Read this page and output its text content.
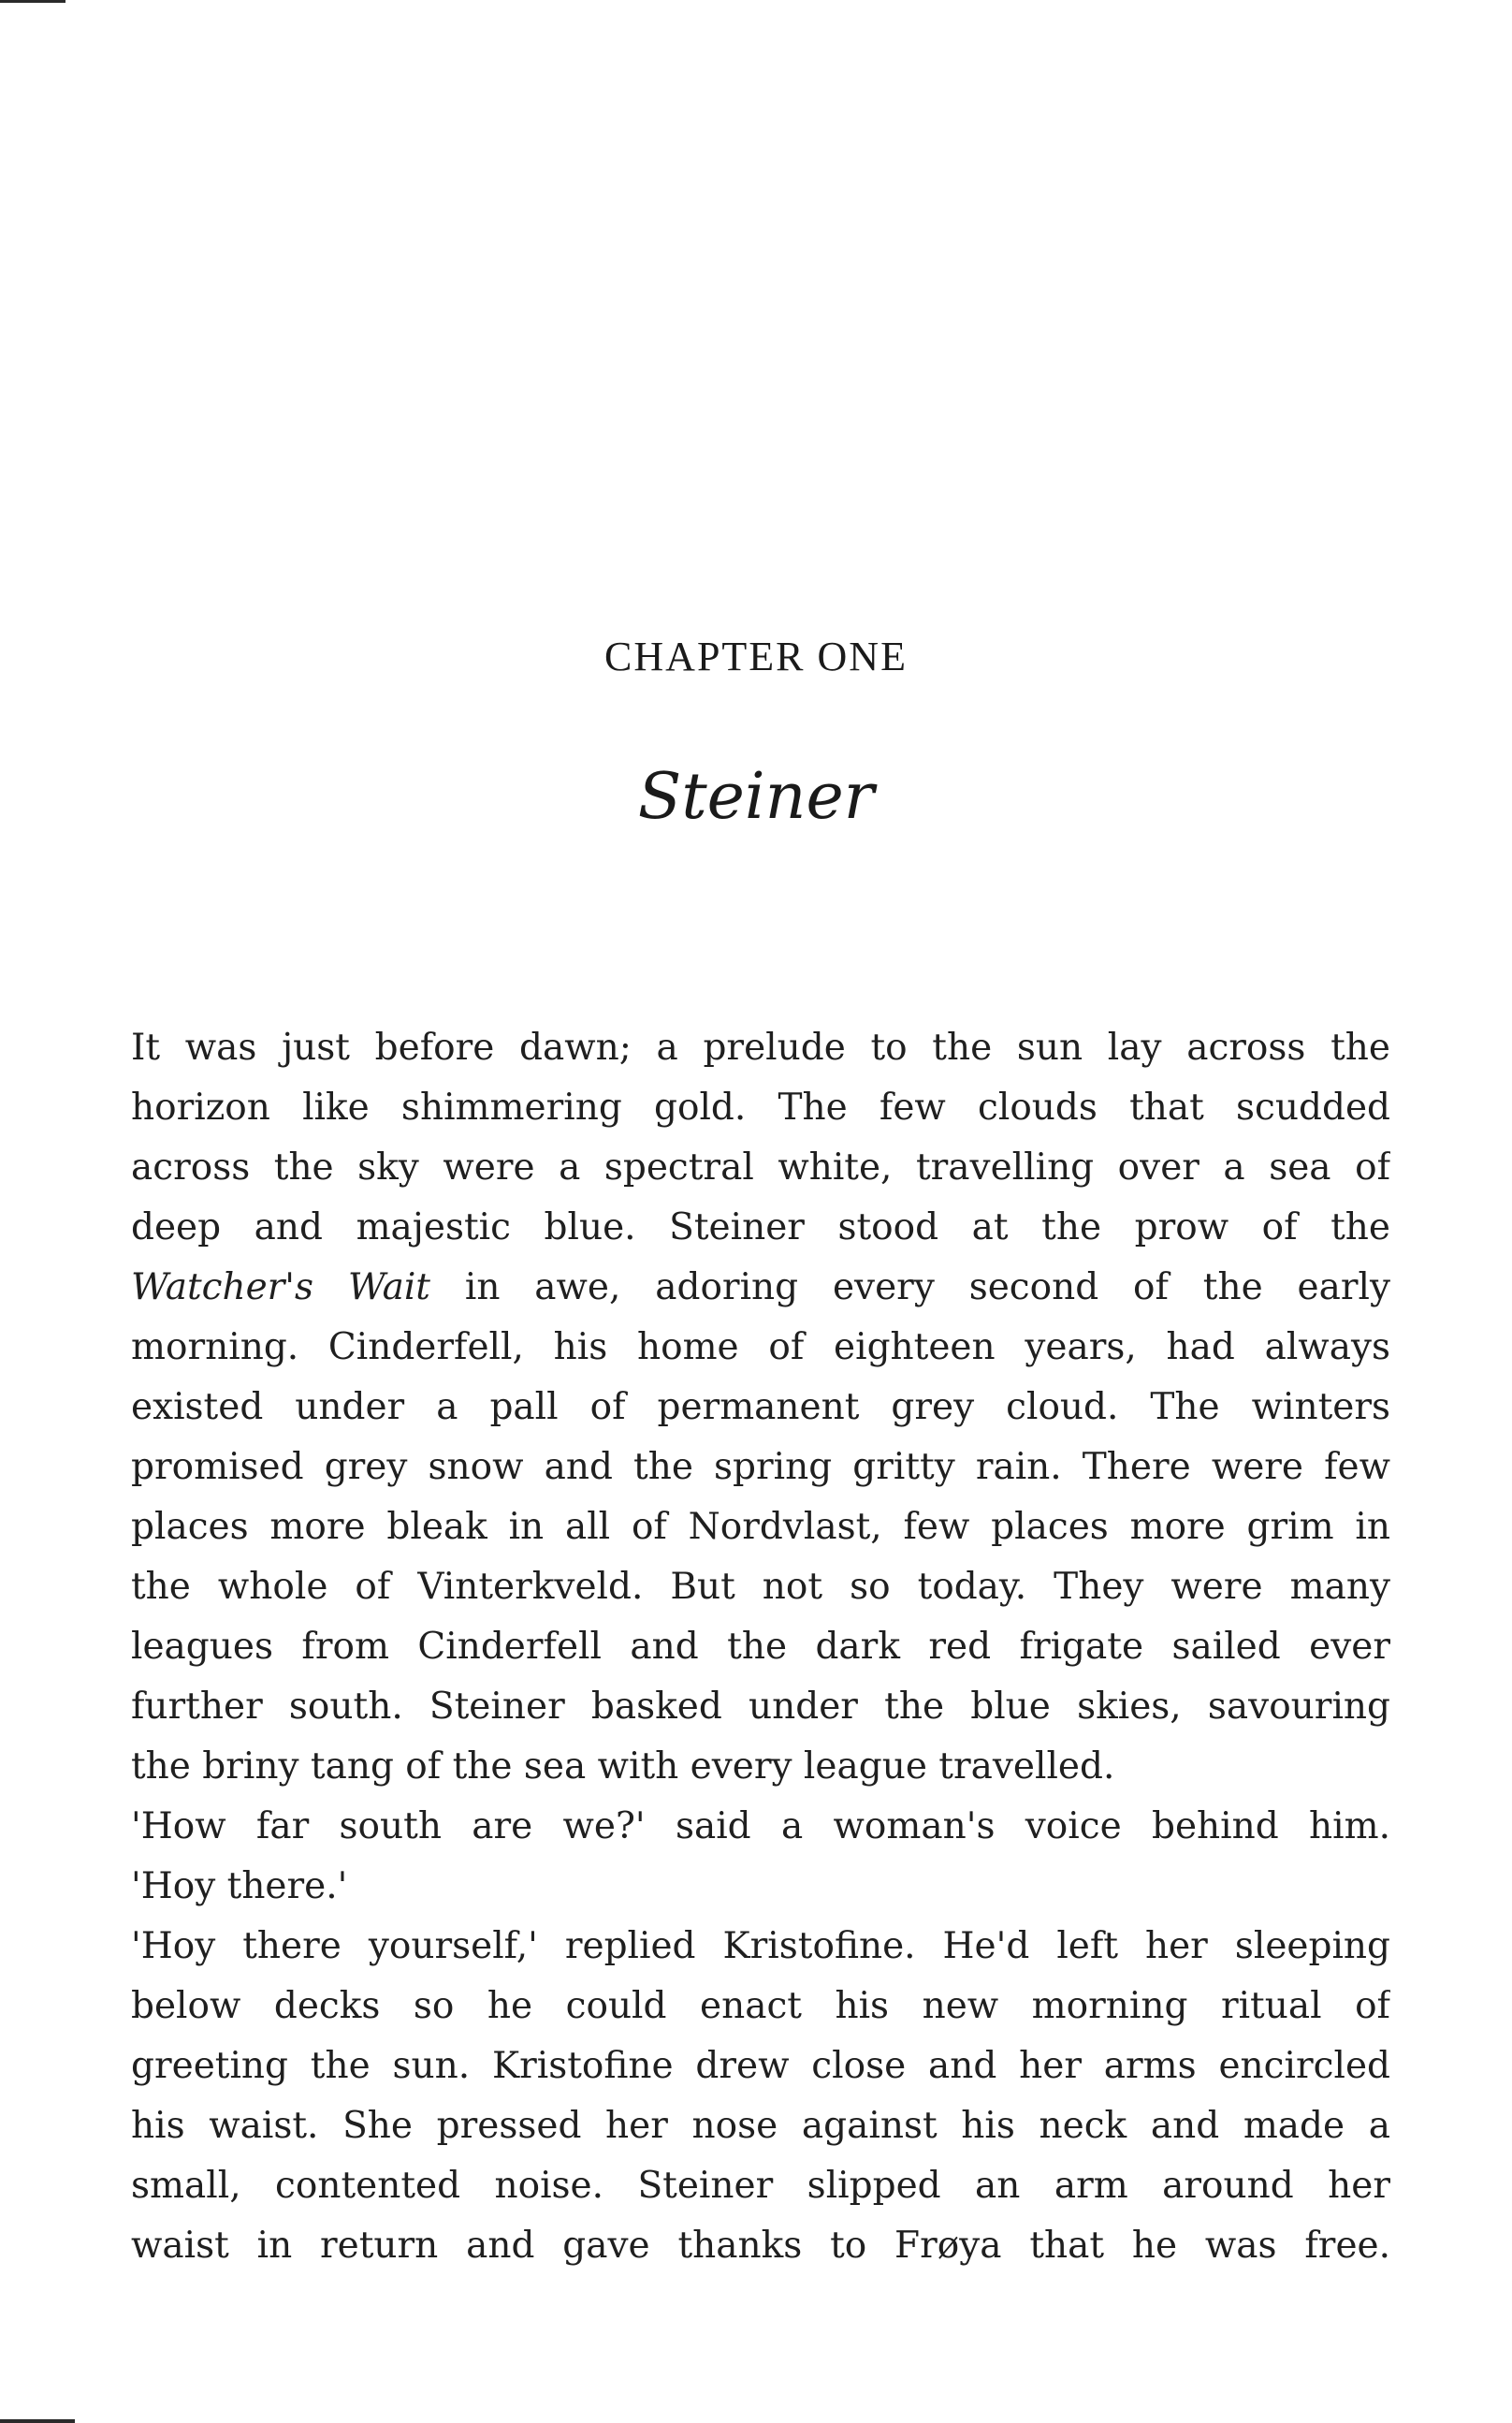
CHAPTER ONE
Steiner
It was just before dawn; a prelude to the sun lay across the
horizon like shimmering gold. The few clouds that scudded
across the sky were a spectral white, travelling over a sea of
deep and majestic blue. Steiner stood at the prow of the
Watcher's Wait in awe, adoring every second of the early
morning. Cinderfell, his home of eighteen years, had always
existed under a pall of permanent grey cloud. The winters
promised grey snow and the spring gritty rain. There were few
places more bleak in all of Nordvlast, few places more grim in
the whole of Vinterkveld. But not so today. They were many
leagues from Cinderfell and the dark red frigate sailed ever
further south. Steiner basked under the blue skies, savouring
the briny tang of the sea with every league travelled.
'How far south are we?' said a woman's voice behind him.
'Hoy there.'
'Hoy there yourself,' replied Kristofine. He'd left her sleeping
below decks so he could enact his new morning ritual of
greeting the sun. Kristofine drew close and her arms encircled
his waist. She pressed her nose against his neck and made a
small, contented noise. Steiner slipped an arm around her
waist in return and gave thanks to Frøya that he was free.
